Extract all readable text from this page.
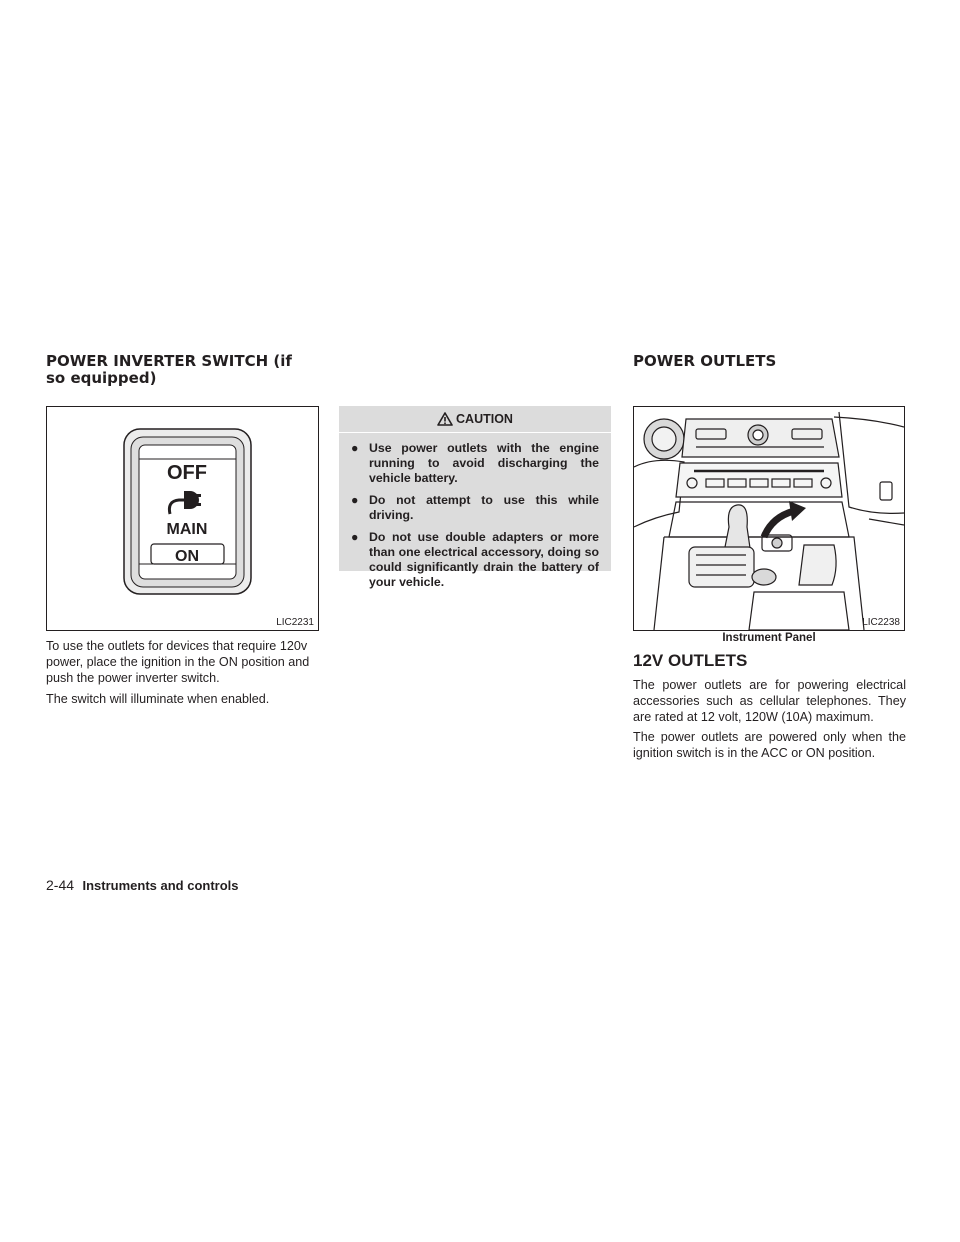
POWER INVERTER SWITCH (if so equipped)
OFF
MAIN
ON
LIC2231

To use the outlets for devices that require 120v power, place the ignition in the ON position and push the power inverter switch.

The switch will illuminate when enabled.

CAUTION
● Use power outlets with the engine running to avoid discharging the vehicle battery.
● Do not attempt to use this while driving.
● Do not use double adapters or more than one electrical accessory, doing so could significantly drain the battery of your vehicle.
POWER OUTLETS
LIC2238
Instrument Panel
12V OUTLETS

The power outlets are for powering electrical accessories such as cellular telephones. They are rated at 12 volt, 120W (10A) maximum.

The power outlets are powered only when the ignition switch is in the ACC or ON position.

2-44 Instruments and controls
